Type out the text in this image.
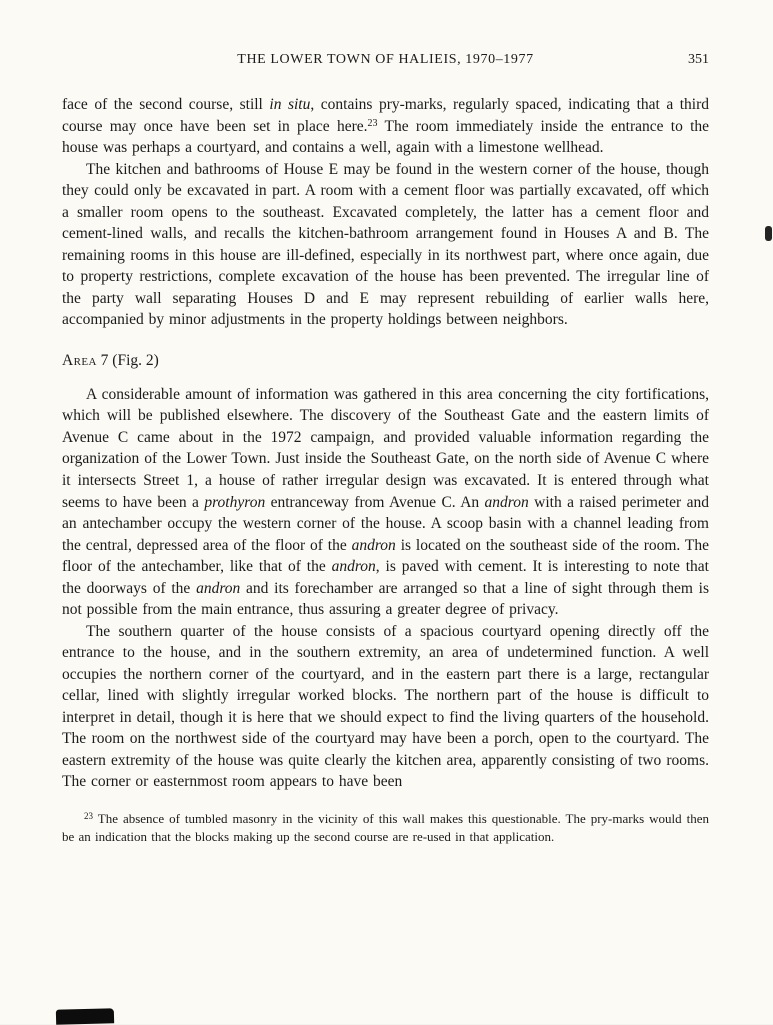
THE LOWER TOWN OF HALIEIS, 1970–1977	351

face of the second course, still in situ, contains pry-marks, regularly spaced, indicating that a third course may once have been set in place here.$^{23}$ The room immediately inside the entrance to the house was perhaps a courtyard, and contains a well, again with a limestone wellhead.

The kitchen and bathrooms of House E may be found in the western corner of the house, though they could only be excavated in part. A room with a cement floor was partially excavated, off which a smaller room opens to the southeast. Excavated completely, the latter has a cement floor and cement-lined walls, and recalls the kitchen-bathroom arrangement found in Houses A and B. The remaining rooms in this house are ill-defined, especially in its northwest part, where once again, due to property restrictions, complete excavation of the house has been prevented. The irregular line of the party wall separating Houses D and E may represent rebuilding of earlier walls here, accompanied by minor adjustments in the property holdings between neighbors.

Area 7 (Fig. 2)

A considerable amount of information was gathered in this area concerning the city fortifications, which will be published elsewhere. The discovery of the Southeast Gate and the eastern limits of Avenue C came about in the 1972 campaign, and provided valuable information regarding the organization of the Lower Town. Just inside the Southeast Gate, on the north side of Avenue C where it intersects Street 1, a house of rather irregular design was excavated. It is entered through what seems to have been a prothyron entranceway from Avenue C. An andron with a raised perimeter and an antechamber occupy the western corner of the house. A scoop basin with a channel leading from the central, depressed area of the floor of the andron is located on the southeast side of the room. The floor of the antechamber, like that of the andron, is paved with cement. It is interesting to note that the doorways of the andron and its forechamber are arranged so that a line of sight through them is not possible from the main entrance, thus assuring a greater degree of privacy.

The southern quarter of the house consists of a spacious courtyard opening directly off the entrance to the house, and in the southern extremity, an area of undetermined function. A well occupies the northern corner of the courtyard, and in the eastern part there is a large, rectangular cellar, lined with slightly irregular worked blocks. The northern part of the house is difficult to interpret in detail, though it is here that we should expect to find the living quarters of the household. The room on the northwest side of the courtyard may have been a porch, open to the courtyard. The eastern extremity of the house was quite clearly the kitchen area, apparently consisting of two rooms. The corner or easternmost room appears to have been

$^{23}$ The absence of tumbled masonry in the vicinity of this wall makes this questionable. The pry-marks would then be an indication that the blocks making up the second course are re-used in that application.
